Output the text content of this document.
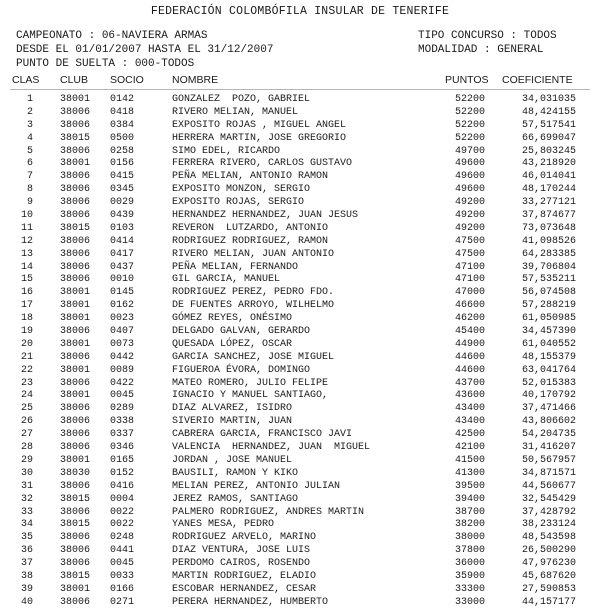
FEDERACIÓN COLOMBÓFILA INSULAR DE TENERIFE
CAMPEONATO : 06-NAVIERA ARMAS
DESDE EL 01/01/2007 HASTA EL 31/12/2007
PUNTO DE SUELTA : 000-TODOS
TIPO CONCURSO : TODOS
MODALIDAD : GENERAL
CLAS CLUB SOCIO	NOMBRE	PUNTOS COEFICIENTE
1	38001 0142	GONZALEZ  POZO, GABRIEL	52200	34,031035
2	38006 0418	RIVERO MELIAN, MANUEL	52200	48,424155
3	38006 0384	EXPOSITO ROJAS , MIGUEL ANGEL	52200	57,517541
4	38015 0500	HERRERA MARTIN, JOSE GREGORIO	52200	66,699047
5	38006 0258	SIMO EDEL, RICARDO	49700	25,803245
6	38001 0156	FERRERA RIVERO, CARLOS GUSTAVO	49600	43,218920
7	38006 0415	PEÑA MELIAN, ANTONIO RAMON	49600	46,014041
8	38006 0345	EXPOSITO MONZON, SERGIO	49600	48,170244
9	38006 0029	EXPOSITO ROJAS, SERGIO	49200	33,277121
10	38006 0439	HERNANDEZ HERNANDEZ, JUAN JESUS	49200	37,874677
11	38015 0103	REVERON  LUTZARDO, ANTONIO	49200	73,073648
12	38006 0414	RODRIGUEZ RODRIGUEZ, RAMON	47500	41,098526
13	38006 0417	RIVERO MELIAN, JUAN ANTONIO	47500	64,283385
14	38006 0437	PEÑA MELIAN, FERNANDO	47100	39,706804
15	38006 0010	GIL GARCIA, MANUEL	47100	57,535211
16	38001 0145	RODRIGUEZ PEREZ, PEDRO FDO.	47000	56,074508
17	38001 0162	DE FUENTES ARROYO, WILHELMO	46600	57,288219
18	38001 0023	GÓMEZ REYES, ONÉSIMO	46200	61,050985
19	38006 0407	DELGADO GALVAN, GERARDO	45400	34,457390
20	38001 0073	QUESADA LÓPEZ, OSCAR	44900	61,040552
21	38006 0442	GARCIA SANCHEZ, JOSE MIGUEL	44600	48,155379
22	38001 0089	FIGUEROA ÉVORA, DOMINGO	44600	63,041764
23	38006 0422	MATEO ROMERO, JULIO FELIPE	43700	52,015383
24	38001 0045	IGNACIO Y MANUEL SANTIAGO,	43600	40,170792
25	38006 0289	DIAZ ALVAREZ, ISIDRO	43400	37,471466
26	38006 0338	SIVERIO MARTIN, JUAN	43400	43,806602
27	38006 0337	CABRERA GARCIA, FRANCISCO JAVI	42500	54,204735
28	38006 0346	VALENCIA  HERNANDEZ, JUAN  MIGUEL	42100	31,416207
29	38001 0165	JORDAN , JOSE MANUEL	41500	50,567957
30	38030 0152	BAUSILI, RAMON Y KIKO	41300	34,871571
31	38006 0416	MELIAN PEREZ, ANTONIO JULIAN	39500	44,560677
32	38015 0004	JEREZ RAMOS, SANTIAGO	39400	32,545429
33	38006 0022	PALMERO RODRIGUEZ, ANDRES MARTIN	38700	37,428792
34	38015 0022	YANES MESA, PEDRO	38200	38,233124
35	38006 0248	RODRIGUEZ ARVELO, MARINO	38000	48,543598
36	38006 0441	DIAZ VENTURA, JOSE LUIS	37800	26,500290
37	38006 0045	PERDOMO CAIROS, ROSENDO	36000	47,976230
38	38015 0033	MARTIN RODRIGUEZ, ELADIO	35900	45,687620
39	38001 0166	ESCOBAR HERNANDEZ, CESAR	33300	27,590853
40	38006 0271	PERERA HERNANDEZ, HUMBERTO	33000	44,157177
